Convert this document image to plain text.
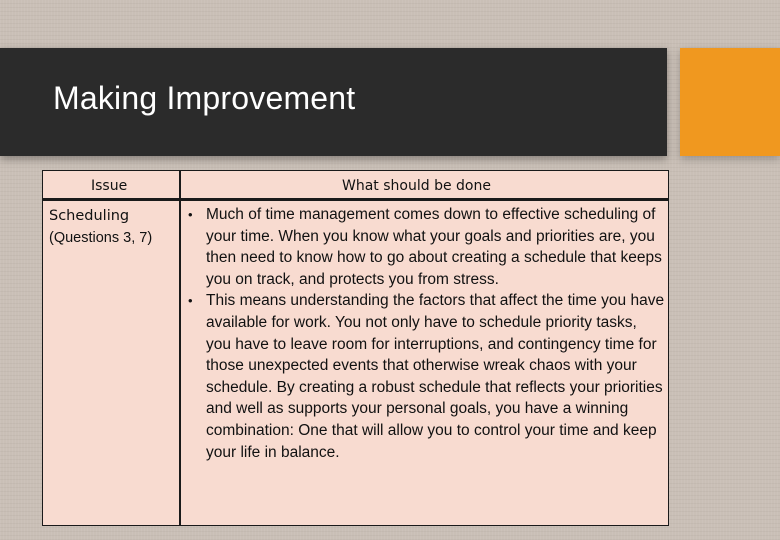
Making Improvement
Issue	What should be done
Scheduling
(Questions 3, 7)
• Much of time management comes down to effective scheduling of your time. When you know what your goals and priorities are, you then need to know how to go about creating a schedule that keeps you on track, and protects you from stress.
• This means understanding the factors that affect the time you have available for work. You not only have to schedule priority tasks, you have to leave room for interruptions, and contingency time for those unexpected events that otherwise wreak chaos with your schedule. By creating a robust schedule that reflects your priorities and well as supports your personal goals, you have a winning combination: One that will allow you to control your time and keep your life in balance.
